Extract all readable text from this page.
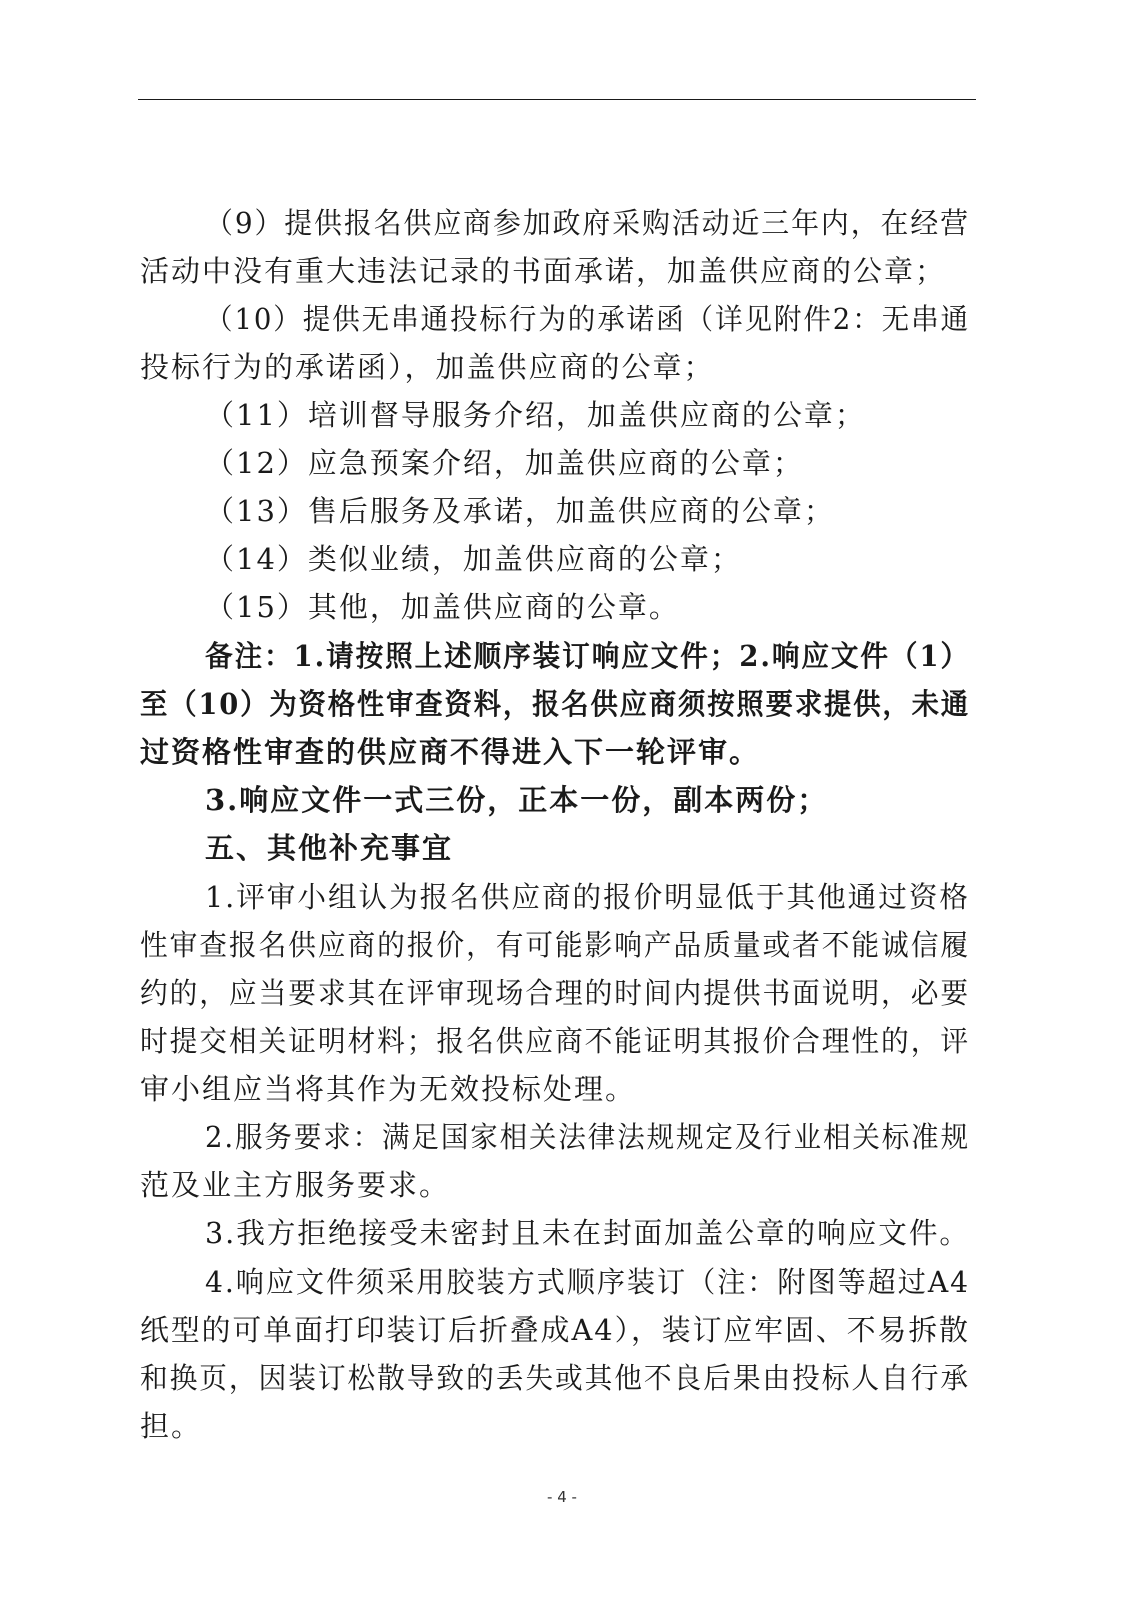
（9）提供报名供应商参加政府采购活动近三年内，在经营
活动中没有重大违法记录的书面承诺，加盖供应商的公章；
（10）提供无串通投标行为的承诺函（详见附件2：无串通
投标行为的承诺函），加盖供应商的公章；
（11）培训督导服务介绍，加盖供应商的公章；
（12）应急预案介绍，加盖供应商的公章；
（13）售后服务及承诺，加盖供应商的公章；
（14）类似业绩，加盖供应商的公章；
（15）其他，加盖供应商的公章。
备注：1.请按照上述顺序装订响应文件；2.响应文件（1）
至（10）为资格性审查资料，报名供应商须按照要求提供，未通
过资格性审查的供应商不得进入下一轮评审。
3.响应文件一式三份，正本一份，副本两份；
五、其他补充事宜
1.评审小组认为报名供应商的报价明显低于其他通过资格
性审查报名供应商的报价，有可能影响产品质量或者不能诚信履
约的，应当要求其在评审现场合理的时间内提供书面说明，必要
时提交相关证明材料；报名供应商不能证明其报价合理性的，评
审小组应当将其作为无效投标处理。
2.服务要求：满足国家相关法律法规规定及行业相关标准规
范及业主方服务要求。
3.我方拒绝接受未密封且未在封面加盖公章的响应文件。
4.响应文件须采用胶装方式顺序装订（注：附图等超过A4
纸型的可单面打印装订后折叠成A4），装订应牢固、不易拆散
和换页，因装订松散导致的丢失或其他不良后果由投标人自行承
担。
- 4 -
